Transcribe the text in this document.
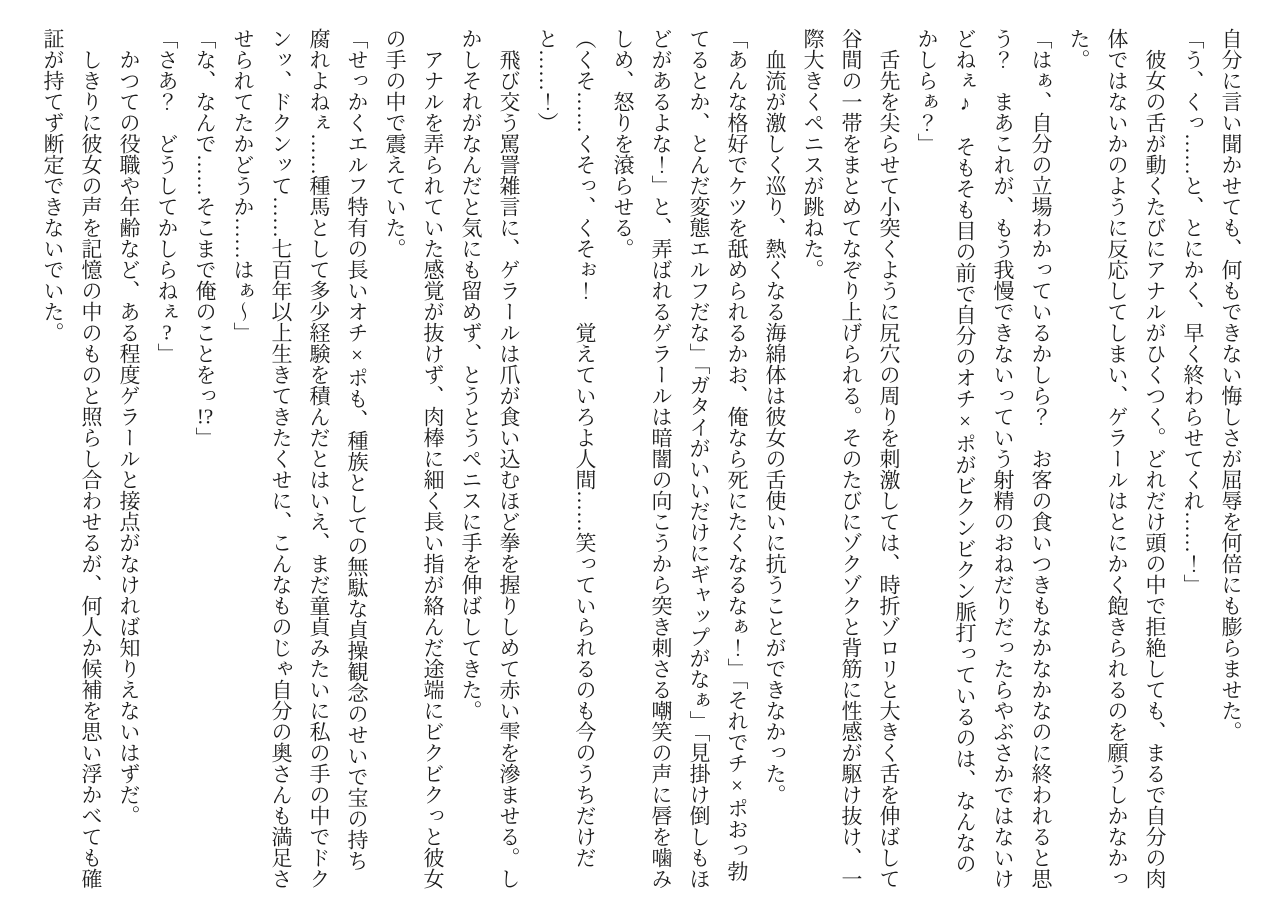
自分に言い聞かせても、何もできない悔しさが屈辱を何倍にも膨らませた。

「う、くっ……と、とにかく、早く終わらせてくれ……！」

　彼女の舌が動くたびにアナルがひくつく。どれだけ頭の中で拒絶しても、まるで自分の肉体ではないかのように反応してしまい、ゲラールはとにかく飽きられるのを願うしかなかった。

「はぁ、自分の立場わかっているかしら？　お客の食いつきもなかなかなのに終われると思う？　まあこれが、もう我慢できないっていう射精のおねだりだったらやぶさかではないけどねぇ♪　そもそも目の前で自分のオチ×ポがビクンビクン脈打っているのは、なんなのかしらぁ？」

　舌先を尖らせて小突くように尻穴の周りを刺激しては、時折ゾロリと大きく舌を伸ばして谷間の一帯をまとめてなぞり上げられる。そのたびにゾクゾクと背筋に性感が駆け抜け、一際大きくペニスが跳ねた。

　血流が激しく巡り、熱くなる海綿体は彼女の舌使いに抗うことができなかった。

「あんな格好でケツを舐められるかお、俺なら死にたくなるなぁ！」「それでチ×ポおっ勃てるとか、とんだ変態エルフだな」「ガタイがいいだけにギャップがなぁ」「見掛け倒しもほどがあるよな！」と、弄ばれるゲラールは暗闇の向こうから突き刺さる嘲笑の声に唇を噛みしめ、怒りを滾らせる。

（くそ……くそっ、くそぉ！　覚えていろよ人間……笑っていられるのも今のうちだけだと……！）

　飛び交う罵詈雑言に、ゲラールは爪が食い込むほど拳を握りしめて赤い雫を滲ませる。しかしそれがなんだと気にも留めず、とうとうペニスに手を伸ばしてきた。

　アナルを弄られていた感覚が抜けず、肉棒に細く長い指が絡んだ途端にビクビクっと彼女の手の中で震えていた。

「せっかくエルフ特有の長いオチ×ポも、種族としての無駄な貞操観念のせいで宝の持ち腐れよねぇ……種馬として多少経験を積んだとはいえ、まだ童貞みたいに私の手の中でドクンッ、ドクンッて……七百年以上生きてきたくせに、こんなものじゃ自分の奥さんも満足させられてたかどうか……はぁ～」

「な、なんで……そこまで俺のことをっ!?」

「さあ？　どうしてかしらねぇ?」

　かつての役職や年齢など、ある程度ゲラールと接点がなければ知りえないはずだ。

　しきりに彼女の声を記憶の中のものと照らし合わせるが、何人か候補を思い浮かべても確証が持てず断定できないでいた。
